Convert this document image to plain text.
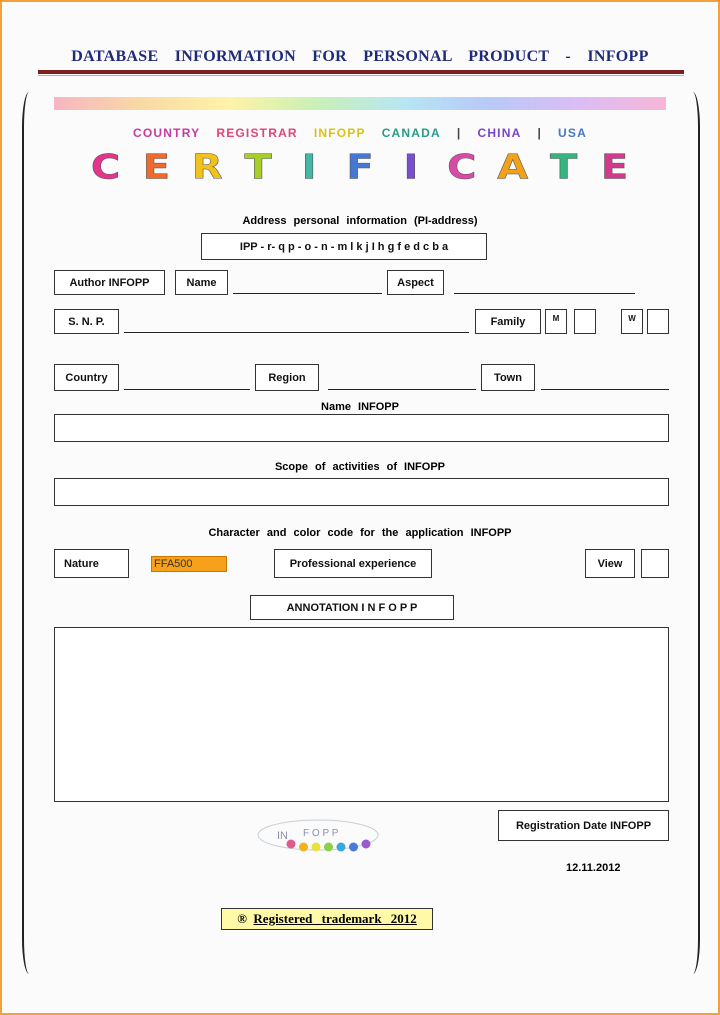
DATABASE INFORMATION FOR PERSONAL PRODUCT - INFOPP
COUNTRY REGISTRAR INFOPP CANADA | CHINA | USA
C E R T I F I C A T E
Address personal information (PI-address)
IPP - r- q p - o - n - m l k j I h g f e d c b a
Author INFOPP	Name	Aspect
S. N. P.	Family	M	W
Country	Region	Town
Name INFOPP
Scope of activities of INFOPP
Character and color code for the application INFOPP
Nature	FFA500	Professional experience	View
ANNOTATION I N F O P P
IN F O P P
Registration Date INFOPP
12.11.2012
® Registered trademark 2012
